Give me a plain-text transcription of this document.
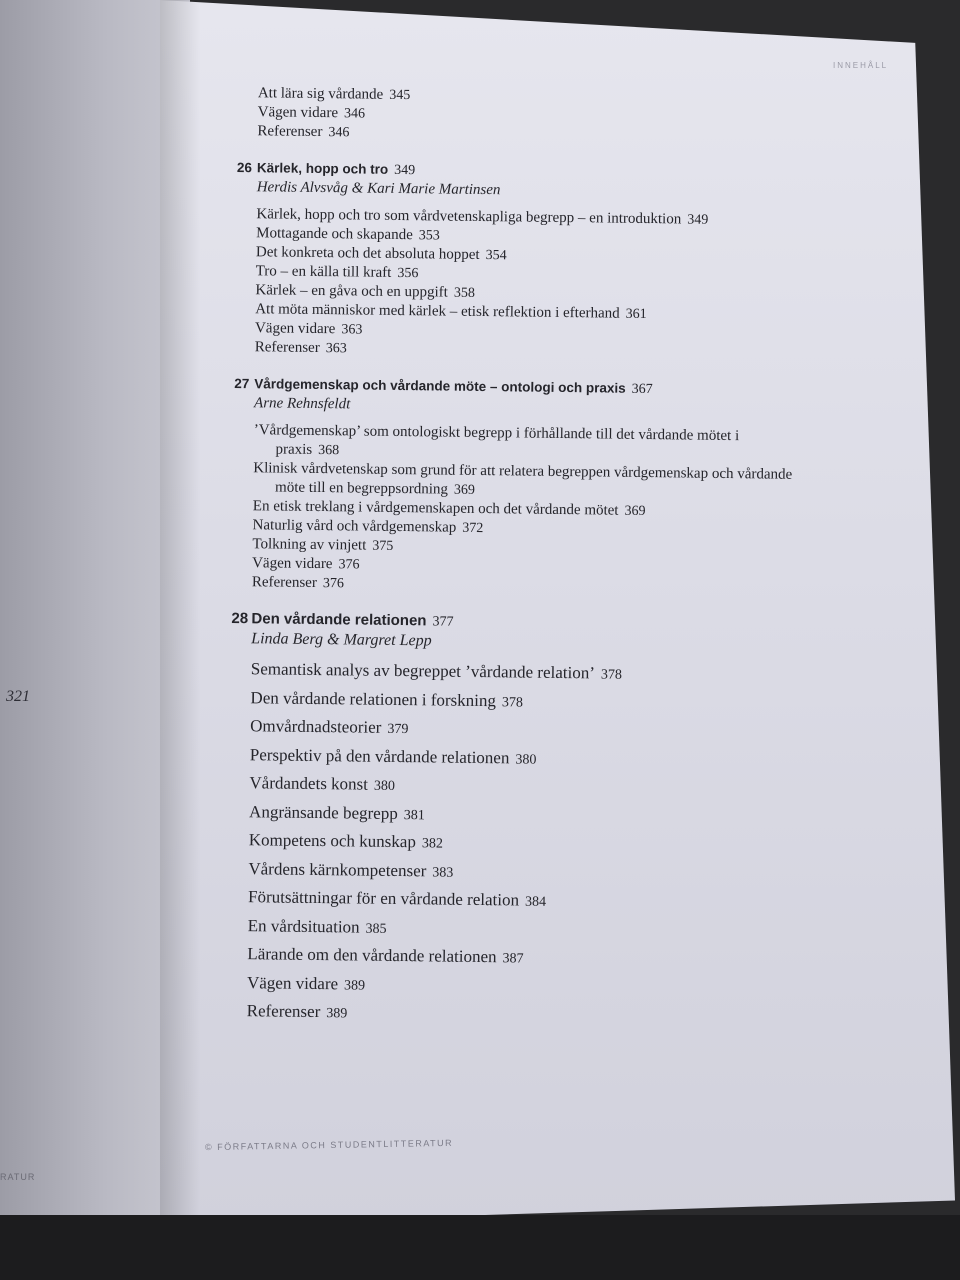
321
RATUR
INNEHÅLL
Att lära sig vårdande 345
Vägen vidare 346
Referenser 346
26 Kärlek, hopp och tro 349
Herdis Alvsvåg & Kari Marie Martinsen
Kärlek, hopp och tro som vårdvetenskapliga begrepp – en introduktion 349
Mottagande och skapande 353
Det konkreta och det absoluta hoppet 354
Tro – en källa till kraft 356
Kärlek – en gåva och en uppgift 358
Att möta människor med kärlek – etisk reflektion i efterhand 361
Vägen vidare 363
Referenser 363
27 Vårdgemenskap och vårdande möte – ontologi och praxis 367
Arne Rehnsfeldt
’Vårdgemenskap’ som ontologiskt begrepp i förhållande till det vårdande mötet i praxis 368
Klinisk vårdvetenskap som grund för att relatera begreppen vårdgemenskap och vårdande möte till en begreppsordning 369
En etisk treklang i vårdgemenskapen och det vårdande mötet 369
Naturlig vård och vårdgemenskap 372
Tolkning av vinjett 375
Vägen vidare 376
Referenser 376
28 Den vårdande relationen 377
Linda Berg & Margret Lepp
Semantisk analys av begreppet ’vårdande relation’ 378
Den vårdande relationen i forskning 378
Omvårdnadsteorier 379
Perspektiv på den vårdande relationen 380
Vårdandets konst 380
Angränsande begrepp 381
Kompetens och kunskap 382
Vårdens kärnkompetenser 383
Förutsättningar för en vårdande relation 384
En vårdsituation 385
Lärande om den vårdande relationen 387
Vägen vidare 389
Referenser 389
© FÖRFATTARNA OCH STUDENTLITTERATUR
